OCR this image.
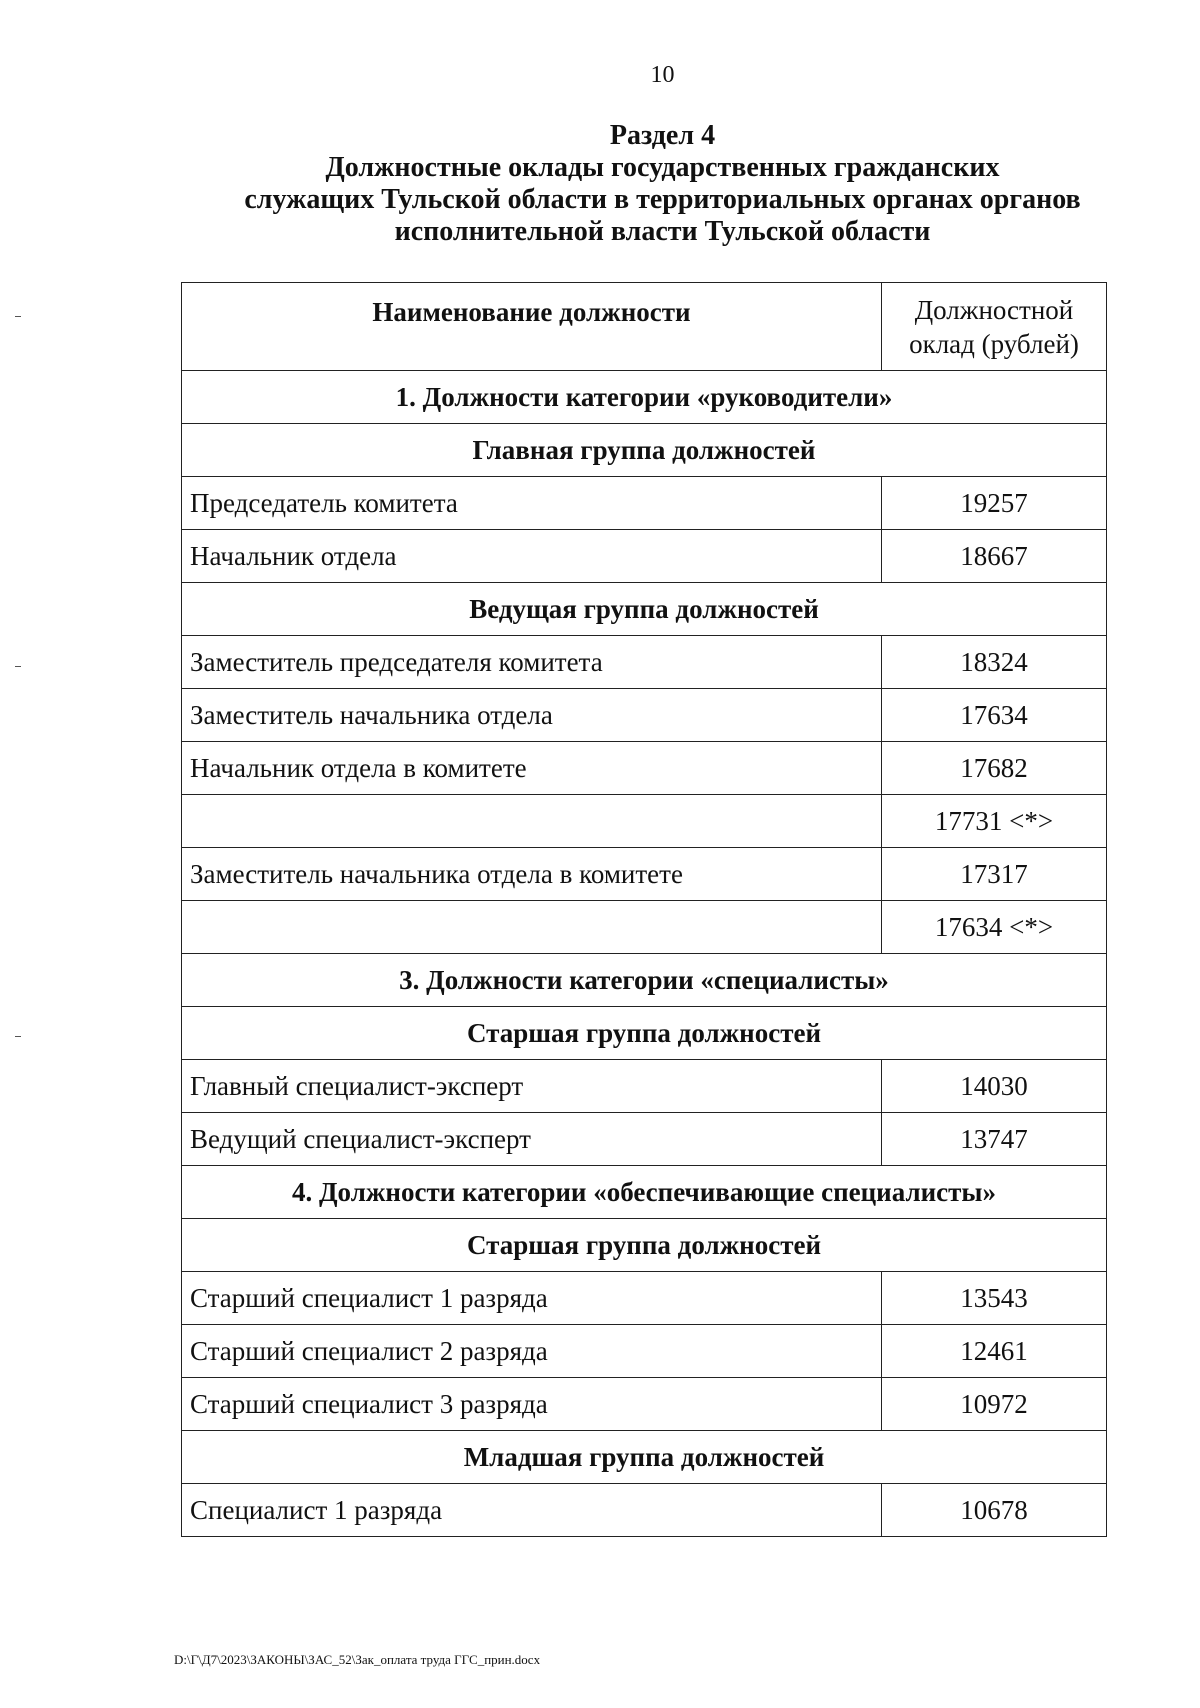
10
Раздел 4
Должностные оклады государственных гражданских
служащих Тульской области в территориальных органах органов
исполнительной власти Тульской области
Наименование должности	Должностной
оклад (рублей)

1. Должности категории «руководители»	
Главная группа должностей	
Председатель комитета	19257
Начальник отдела	18667
Ведущая группа должностей	
Заместитель председателя комитета	18324
Заместитель начальника отдела	17634
Начальник отдела в комитете	17682
	17731 <*>
Заместитель начальника отдела в комитете	17317
	17634 <*>
3. Должности категории «специалисты»	
Старшая группа должностей	
Главный специалист-эксперт	14030
Ведущий специалист-эксперт	13747
4. Должности категории «обеспечивающие специалисты»	
Старшая группа должностей	
Старший специалист 1 разряда	13543
Старший специалист 2 разряда	12461
Старший специалист 3 разряда	10972
Младшая группа должностей	
Специалист 1 разряда	10678
D:\Г\Д7\2023\ЗАКОНЫ\ЗАС_52\Зак_оплата труда ГГС_прин.docx
